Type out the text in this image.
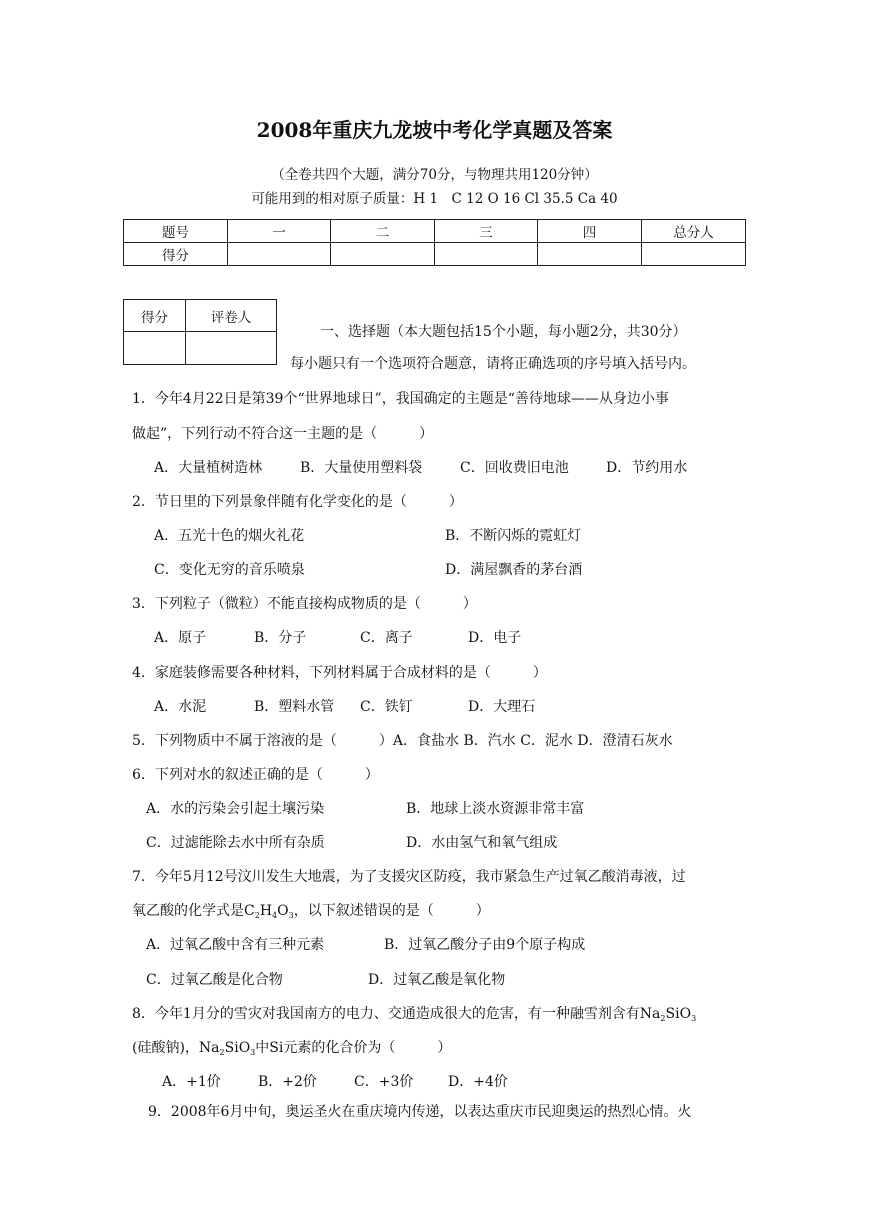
2008年重庆九龙坡中考化学真题及答案
（全卷共四个大题，满分70分，与物理共用120分钟）
可能用到的相对原子质量：H 1　C 12 O 16 Cl 35.5 Ca 40
题号	一	二	三	四	总分人
得分					
得分	评卷人

一、选择题（本大题包括15个小题，每小题2分，共30分）
每小题只有一个选项符合题意，请将正确选项的序号填入括号内。
1．今年4月22日是第39个“世界地球日”，我国确定的主题是“善待地球——从身边小事
做起”，下列行动不符合这一主题的是（　　　）
A．大量植树造林	B．大量使用塑料袋	C．回收费旧电池	D．节约用水
2．节日里的下列景象伴随有化学变化的是（　　　）
A．五光十色的烟火礼花	B．不断闪烁的霓虹灯
C．变化无穷的音乐喷泉	D．满屋飘香的茅台酒
3．下列粒子（微粒）不能直接构成物质的是（　　　）
A．原子	B．分子	C．离子	D．电子
4．家庭装修需要各种材料，下列材料属于合成材料的是（　　　）
A．水泥	B．塑料水管 C．铁钉	D．大理石
5．下列物质中不属于溶液的是（　　　）A．食盐水 B．汽水 C．泥水 D．澄清石灰水
6．下列对水的叙述正确的是（　　　）
A．水的污染会引起土壤污染	B．地球上淡水资源非常丰富
C．过滤能除去水中所有杂质	D．水由氢气和氧气组成
7．今年5月12号汶川发生大地震，为了支援灾区防疫，我市紧急生产过氧乙酸消毒液，过
氧乙酸的化学式是$C_2H_4O_3$，以下叙述错误的是（　　　）
A．过氧乙酸中含有三种元素	B．过氧乙酸分子由9个原子构成
C．过氧乙酸是化合物	D．过氧乙酸是氧化物
8．今年1月分的雪灾对我国南方的电力、交通造成很大的危害，有一种融雪剂含有$Na_2SiO_3$
(硅酸钠)，$Na_2SiO_3$中Si元素的化合价为（　　　）
A．+1价	B．+2价	C．+3价 D．+4价
9．2008年6月中旬，奥运圣火在重庆境内传递，以表达重庆市民迎奥运的热烈心情。火
